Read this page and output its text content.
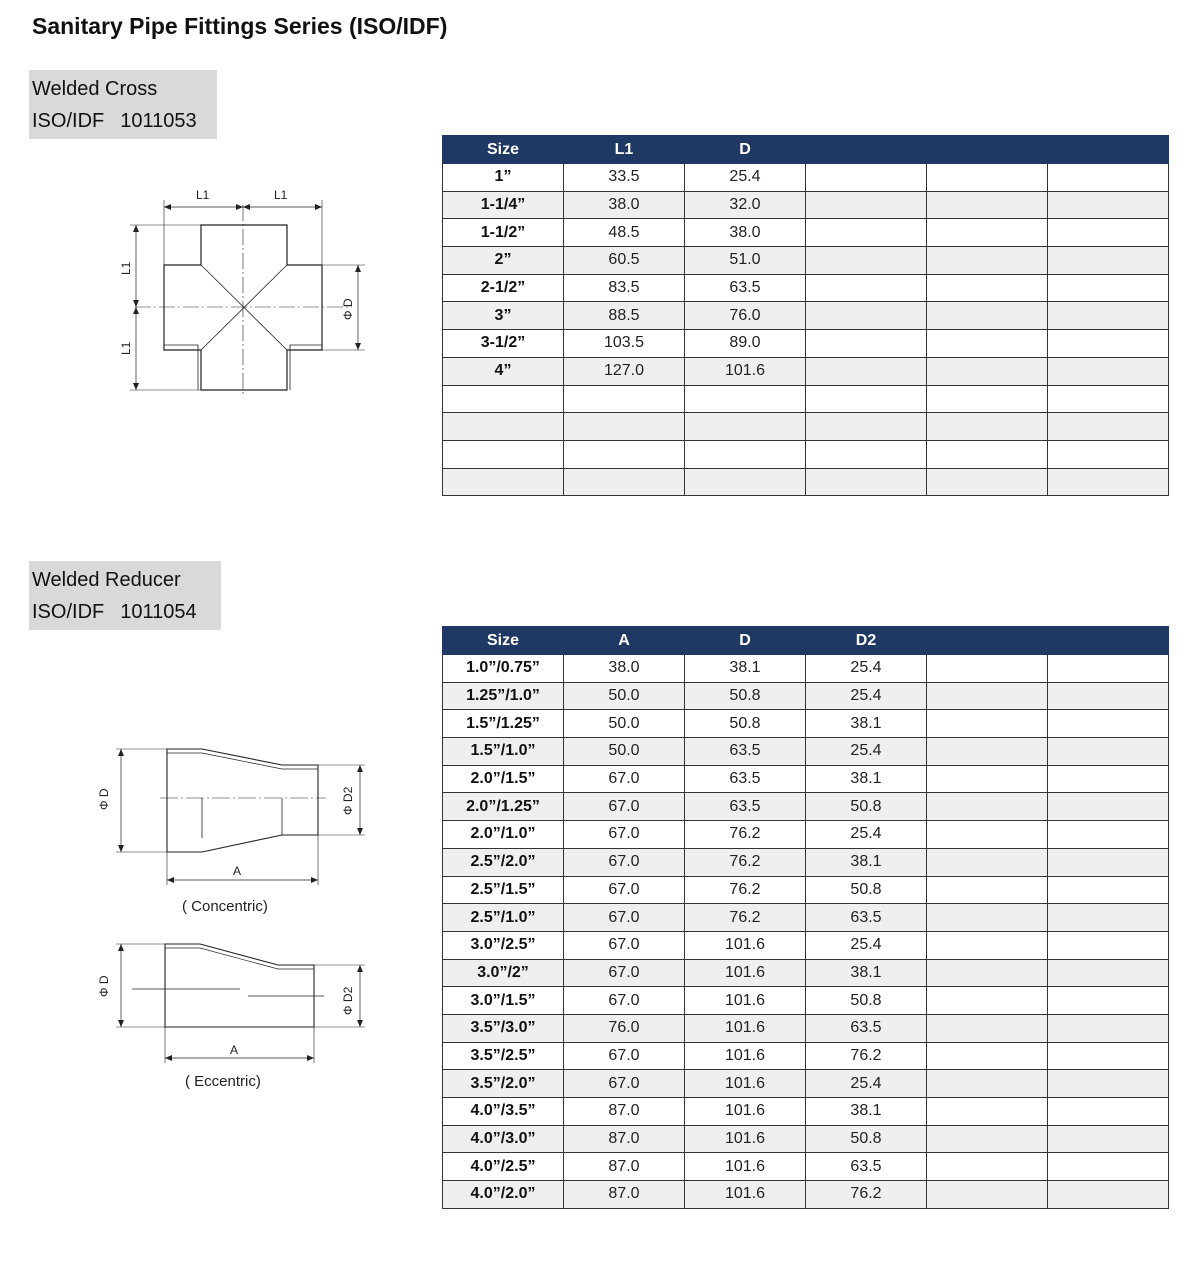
Sanitary Pipe Fittings Series (ISO/IDF)
Welded Cross
ISO/IDF 1011053
L1	L1
L1
L1
Φ D
Size	L1	D			
1”	33.5	25.4			
1-1/4”	38.0	32.0			
1-1/2”	48.5	38.0			
2”	60.5	51.0			
2-1/2”	83.5	63.5			
3”	88.5	76.0			
3-1/2”	103.5	89.0			
4”	127.0	101.6			

Welded Reducer
ISO/IDF 1011054
A
Φ D	Φ D2
( Concentric)
A
Φ D
Φ D2
( Eccentric)
Size	A	D	D2		
1.0”/0.75”	38.0	38.1	25.4		
1.25”/1.0”	50.0	50.8	25.4		
1.5”/1.25”	50.0	50.8	38.1		
1.5”/1.0”	50.0	63.5	25.4		
2.0”/1.5”	67.0	63.5	38.1		
2.0”/1.25”	67.0	63.5	50.8		
2.0”/1.0”	67.0	76.2	25.4		
2.5”/2.0”	67.0	76.2	38.1		
2.5”/1.5”	67.0	76.2	50.8		
2.5”/1.0”	67.0	76.2	63.5		
3.0”/2.5”	67.0	101.6	25.4		
3.0”/2”	67.0	101.6	38.1		
3.0”/1.5”	67.0	101.6	50.8		
3.5”/3.0”	76.0	101.6	63.5		
3.5”/2.5”	67.0	101.6	76.2		
3.5”/2.0”	67.0	101.6	25.4		
4.0”/3.5”	87.0	101.6	38.1		
4.0”/3.0”	87.0	101.6	50.8		
4.0”/2.5”	87.0	101.6	63.5		
4.0”/2.0”	87.0	101.6	76.2		
